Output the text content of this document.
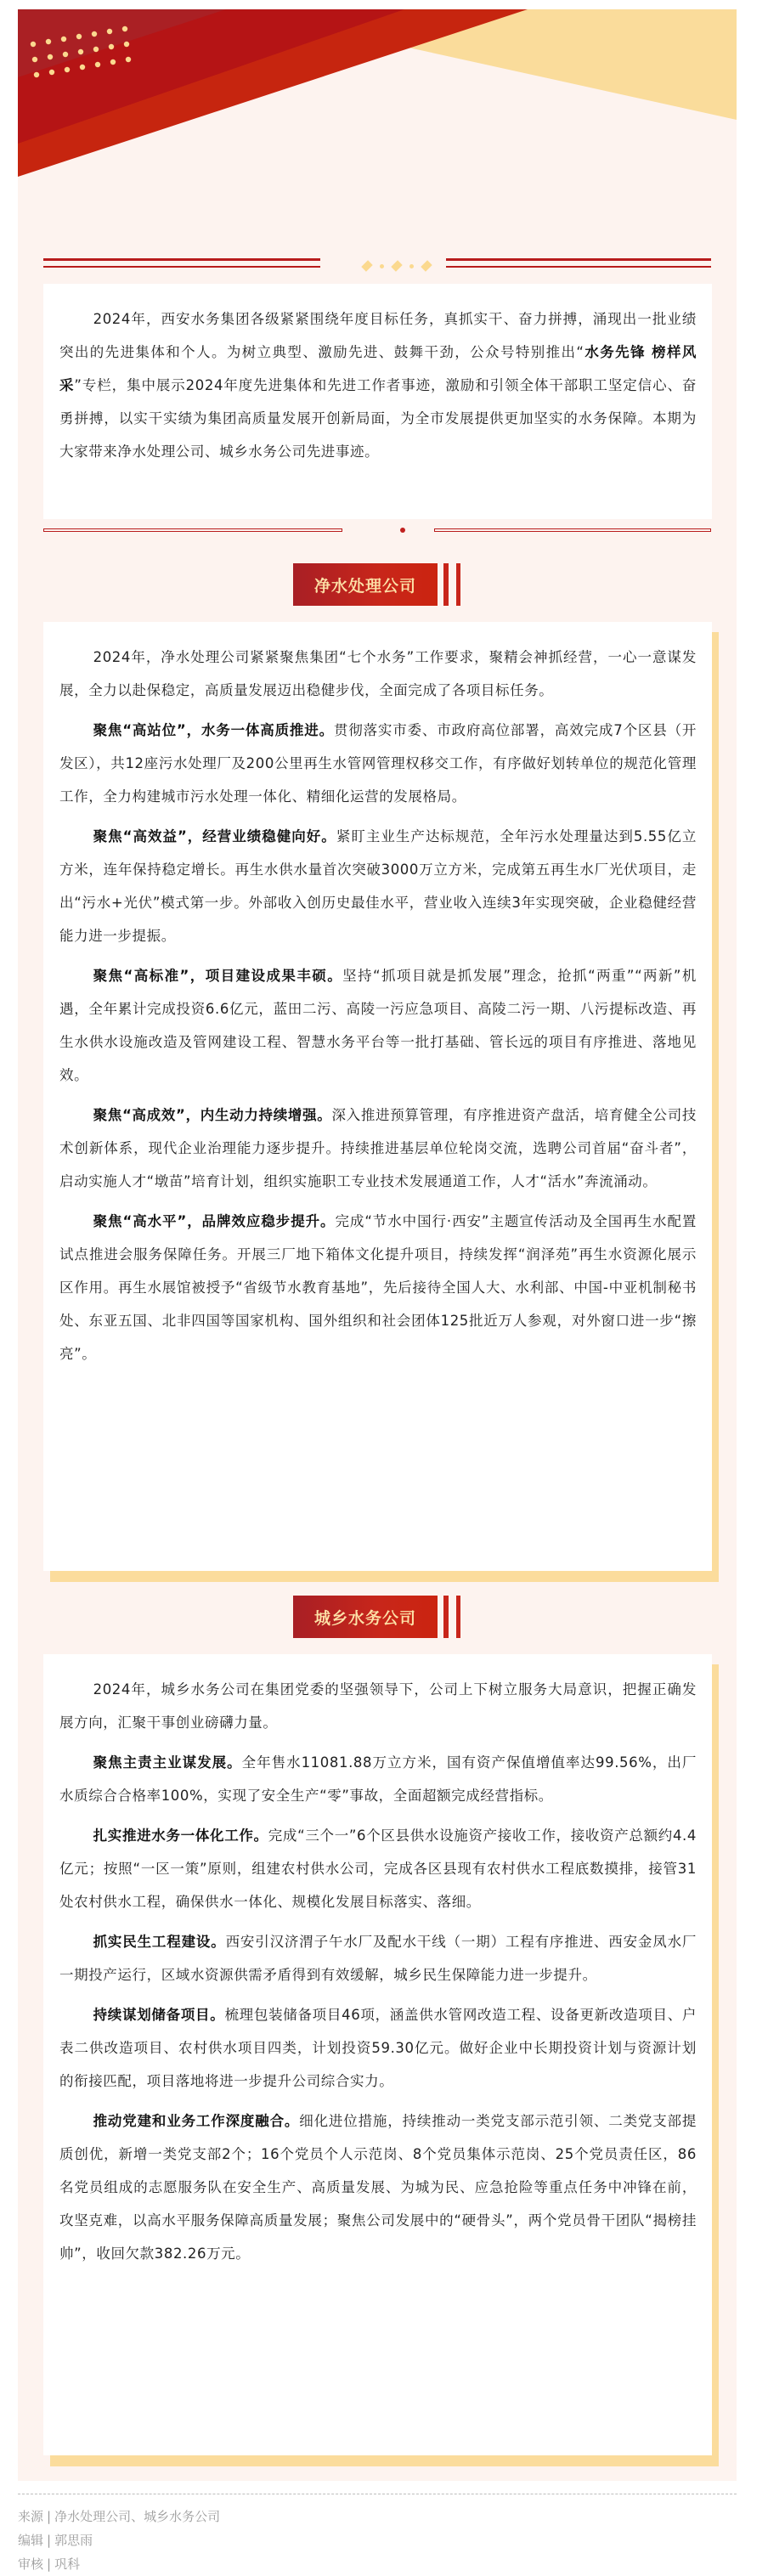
2024年，西安水务集团各级紧紧围绕年度目标任务，真抓实干、奋力拼搏，涌现出一批业绩突出的先进集体和个人。为树立典型、激励先进、鼓舞干劲，公众号特别推出“水务先锋 榜样风采”专栏，集中展示2024年度先进集体和先进工作者事迹，激励和引领全体干部职工坚定信心、奋勇拼搏，以实干实绩为集团高质量发展开创新局面，为全市发展提供更加坚实的水务保障。本期为大家带来净水处理公司、城乡水务公司先进事迹。

净水处理公司

2024年，净水处理公司紧紧聚焦集团“七个水务”工作要求，聚精会神抓经营，一心一意谋发展，全力以赴保稳定，高质量发展迈出稳健步伐，全面完成了各项目标任务。

聚焦“高站位”，水务一体高质推进。贯彻落实市委、市政府高位部署，高效完成7个区县（开发区），共12座污水处理厂及200公里再生水管网管理权移交工作，有序做好划转单位的规范化管理工作，全力构建城市污水处理一体化、精细化运营的发展格局。

聚焦“高效益”，经营业绩稳健向好。紧盯主业生产达标规范，全年污水处理量达到5.55亿立方米，连年保持稳定增长。再生水供水量首次突破3000万立方米，完成第五再生水厂光伏项目，走出“污水+光伏”模式第一步。外部收入创历史最佳水平，营业收入连续3年实现突破，企业稳健经营能力进一步提振。

聚焦“高标准”，项目建设成果丰硕。坚持“抓项目就是抓发展”理念，抢抓“两重”“两新”机遇，全年累计完成投资6.6亿元，蓝田二污、高陵一污应急项目、高陵二污一期、八污提标改造、再生水供水设施改造及管网建设工程、智慧水务平台等一批打基础、管长远的项目有序推进、落地见效。

聚焦“高成效”，内生动力持续增强。深入推进预算管理，有序推进资产盘活，培育健全公司技术创新体系，现代企业治理能力逐步提升。持续推进基层单位轮岗交流，选聘公司首届“奋斗者”，启动实施人才“墩苗”培育计划，组织实施职工专业技术发展通道工作，人才“活水”奔流涌动。

聚焦“高水平”，品牌效应稳步提升。完成“节水中国行·西安”主题宣传活动及全国再生水配置试点推进会服务保障任务。开展三厂地下箱体文化提升项目，持续发挥“润泽苑”再生水资源化展示区作用。再生水展馆被授予“省级节水教育基地”，先后接待全国人大、水利部、中国-中亚机制秘书处、东亚五国、北非四国等国家机构、国外组织和社会团体125批近万人参观，对外窗口进一步“擦亮”。

城乡水务公司

2024年，城乡水务公司在集团党委的坚强领导下，公司上下树立服务大局意识，把握正确发展方向，汇聚干事创业磅礴力量。

聚焦主责主业谋发展。全年售水11081.88万立方米，国有资产保值增值率达99.56%，出厂水质综合合格率100%，实现了安全生产“零”事故，全面超额完成经营指标。

扎实推进水务一体化工作。完成“三个一”6个区县供水设施资产接收工作，接收资产总额约4.4亿元；按照“一区一策”原则，组建农村供水公司，完成各区县现有农村供水工程底数摸排，接管31处农村供水工程，确保供水一体化、规模化发展目标落实、落细。

抓实民生工程建设。西安引汉济渭子午水厂及配水干线（一期）工程有序推进、西安金凤水厂一期投产运行，区域水资源供需矛盾得到有效缓解，城乡民生保障能力进一步提升。

持续谋划储备项目。梳理包装储备项目46项，涵盖供水管网改造工程、设备更新改造项目、户表二供改造项目、农村供水项目四类，计划投资59.30亿元。做好企业中长期投资计划与资源计划的衔接匹配，项目落地将进一步提升公司综合实力。

推动党建和业务工作深度融合。细化进位措施，持续推动一类党支部示范引领、二类党支部提质创优，新增一类党支部2个；16个党员个人示范岗、8个党员集体示范岗、25个党员责任区，86名党员组成的志愿服务队在安全生产、高质量发展、为城为民、应急抢险等重点任务中冲锋在前，攻坚克难，以高水平服务保障高质量发展；聚焦公司发展中的“硬骨头”，两个党员骨干团队“揭榜挂帅”，收回欠款382.26万元。

来源 | 净水处理公司、城乡水务公司
编辑 | 郭思雨
审核 | 巩科
